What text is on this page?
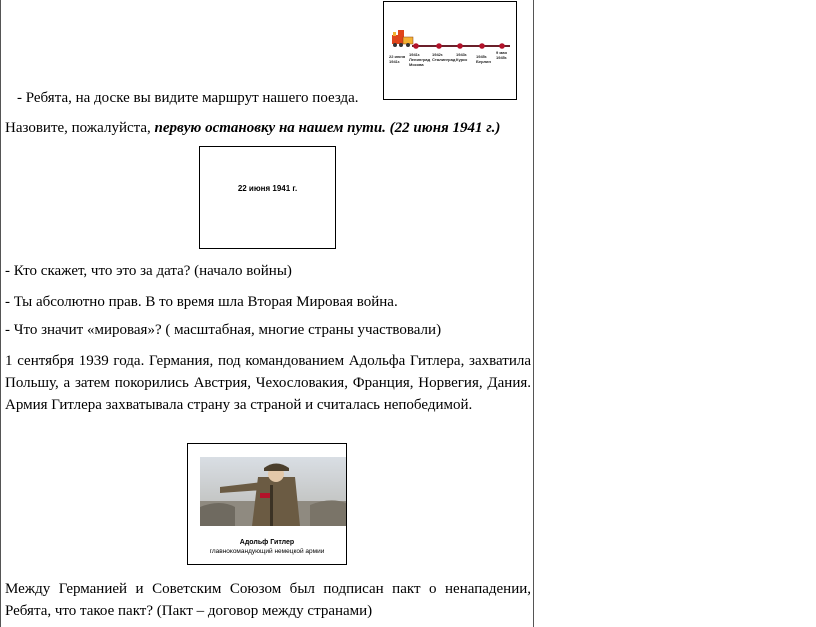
22 июня
1941г.
1941г.
Ленинград
Москва
1942г.
Сталинград
1943г.
Курск
1945г.
Берлин
9 мая
1945г.

- Ребята, на доске вы видите маршрут нашего поезда.

Назовите, пожалуйста, первую остановку на нашем пути. (22 июня 1941 г.)

22 июня 1941 г.

- Кто скажет, что это за дата? (начало войны)

- Ты абсолютно прав. В то время шла Вторая Мировая война.

- Что значит «мировая»? ( масштабная, многие страны участвовали)

1 сентября 1939 года. Германия, под командованием Адольфа Гитлера, захватила Польшу, а затем покорились Австрия, Чехословакия, Франция, Норвегия, Дания. Армия Гитлера захватывала страну за страной и считалась непобедимой.

Адольф Гитлер
главнокомандующий немецкой армии

Между Германией и Советским Союзом был подписан пакт о ненападении, Ребята, что такое пакт? (Пакт – договор между странами)
